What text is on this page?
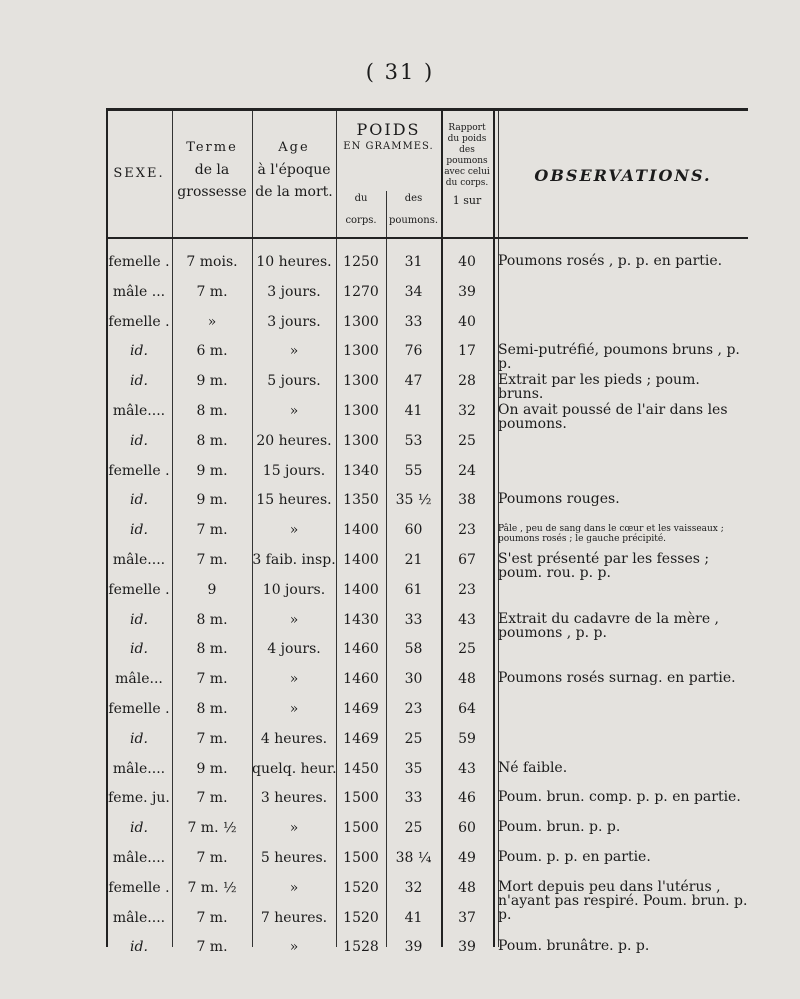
( 31 )
SEXE.
Terme
de la
grossesse
Age
à l'époque
de la mort.
POIDS
EN GRAMMES.
du
corps.
des
poumons.
Rapport
du poids
des
poumons
avec celui
du corps.
1 sur
OBSERVATIONS.
femelle .	7 mois.	10 heures. 1250	31	40	Poumons rosés , p. p. en partie.
mâle ...	7 m.	3 jours.	1270	34	39
femelle .	»	3 jours.	1300	33	40
id.	6 m.	»	1300	76	17	Semi-putréfié, poumons bruns , p. p.
id.	9 m.	5 jours.	1300	47	28	Extrait par les pieds ; poum. bruns.
mâle....	8 m.	»	1300	41	32	On avait poussé de l'air dans les poumons.
id.	8 m.	20 heures. 1300	53	25
femelle .	9 m.	15 jours.	1340	55	24
id.	9 m.	15 heures. 1350	35 ½	38	Poumons rouges.
id.	7 m.	»	1400	60	23	Pâle , peu de sang dans le cœur et les vaisseaux ; poumons rosés ; le gauche précipité.
mâle....	7 m.	3 faib. insp. 1400	21	67	S'est présenté par les fesses ; poum. rou. p. p.
femelle .	9	10 jours.	1400	61	23
id.	8 m.	»	1430	33	43	Extrait du cadavre de la mère , poumons , p. p.
id.	8 m.	4 jours.	1460	58	25
mâle...	7 m.	»	1460	30	48	Poumons rosés surnag. en partie.
femelle .	8 m.	»	1469	23	64
id.	7 m.	4 heures.	1469	25	59
mâle....	9 m.	quelq. heur. 1450	35	43	Né faible.
feme. ju.	7 m.	3 heures.	1500	33	46	Poum. brun. comp. p. p. en partie.
id.	7 m. ½	»	1500	25	60	Poum. brun. p. p.
mâle....	7 m.	5 heures.	1500	38 ¼	49	Poum. p. p. en partie.
femelle .	7 m. ½	»	1520	32	48	Mort depuis peu dans l'utérus , n'ayant pas respiré. Poum. brun. p. p.
mâle....	7 m.	7 heures.	1520	41	37
id.	7 m.	»	1528	39	39	Poum. brunâtre. p. p.
